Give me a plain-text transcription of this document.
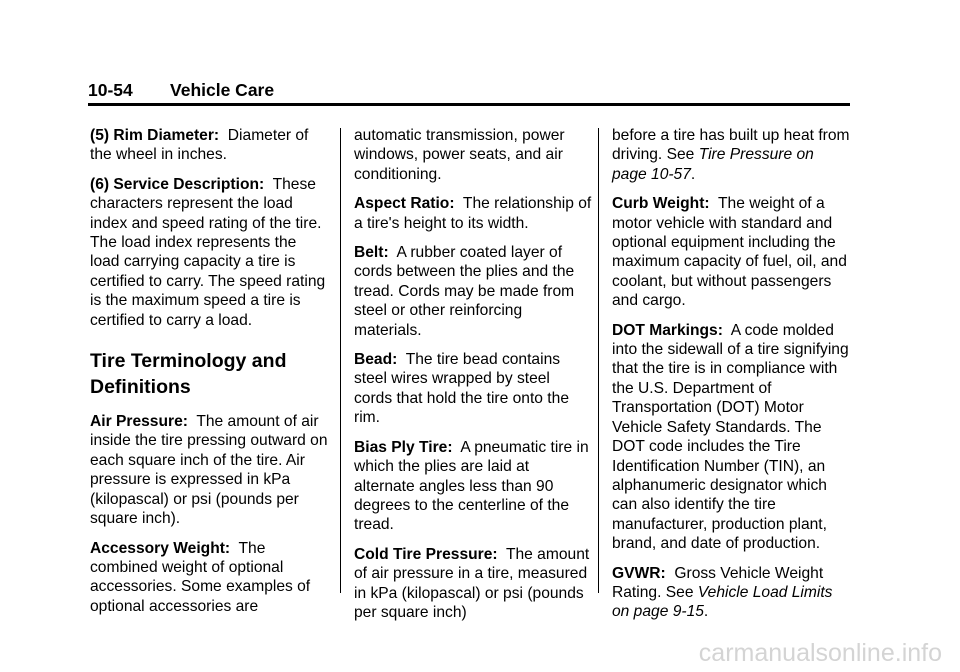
10-54 Vehicle Care

(5) Rim Diameter: Diameter of the wheel in inches.

(6) Service Description: These characters represent the load index and speed rating of the tire. The load index represents the load carrying capacity a tire is certified to carry. The speed rating is the maximum speed a tire is certified to carry a load.

Tire Terminology and
Definitions

Air Pressure: The amount of air inside the tire pressing outward on each square inch of the tire. Air pressure is expressed in kPa (kilopascal) or psi (pounds per square inch).

Accessory Weight: The combined weight of optional accessories. Some examples of optional accessories are

automatic transmission, power windows, power seats, and air conditioning.

Aspect Ratio: The relationship of a tire's height to its width.

Belt: A rubber coated layer of cords between the plies and the tread. Cords may be made from steel or other reinforcing materials.

Bead: The tire bead contains steel wires wrapped by steel cords that hold the tire onto the rim.

Bias Ply Tire: A pneumatic tire in which the plies are laid at alternate angles less than 90 degrees to the centerline of the tread.

Cold Tire Pressure: The amount of air pressure in a tire, measured in kPa (kilopascal) or psi (pounds per square inch)

before a tire has built up heat from driving. See Tire Pressure on page 10-57.

Curb Weight: The weight of a motor vehicle with standard and optional equipment including the maximum capacity of fuel, oil, and coolant, but without passengers and cargo.

DOT Markings: A code molded into the sidewall of a tire signifying that the tire is in compliance with the U.S. Department of Transportation (DOT) Motor Vehicle Safety Standards. The DOT code includes the Tire Identification Number (TIN), an alphanumeric designator which can also identify the tire manufacturer, production plant, brand, and date of production.

GVWR: Gross Vehicle Weight Rating. See Vehicle Load Limits on page 9-15.

carmanualsonline.info
